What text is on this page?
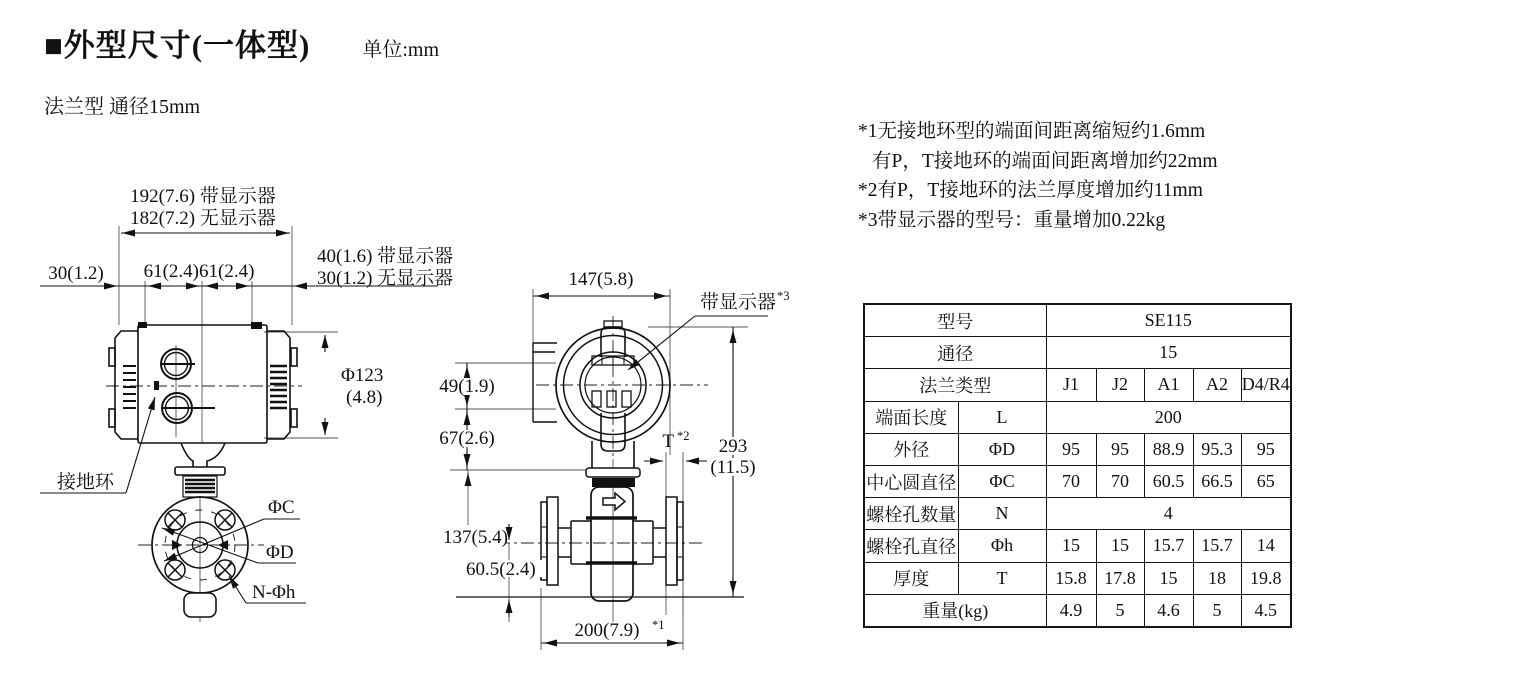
■外型尺寸(一体型)	单位:mm
法兰型 通径15mm
*1无接地环型的端面间距离缩短约1.6mm
有P，T接地环的端面间距离增加约22mm
*2有P，T接地环的法兰厚度增加约11mm
*3带显示器的型号：重量增加0.22kg
192(7.6) 带显示器
182(7.2) 无显示器
30(1.2) 61(2.4)61(2.4)
40(1.6) 带显示器
30(1.2) 无显示器
Φ123
(4.8)
接地环
ΦC
ΦD
N-Φh
147(5.8)
带显示器 *3
49(1.9)
67(2.6)	T *2 293
(11.5)
137(5.4)
60.5(2.4)
200(7.9) *1
型号		SE115				
通径		15				
法兰类型		J1	J2	A1	A2	D4/R4
端面长度	L	200				
外径	ΦD	95	95	88.9	95.3	95
中心圆直径	ΦC	70	70	60.5	66.5	65
螺栓孔数量	N	4				
螺栓孔直径	Φh	15	15	15.7	15.7	14
厚度	T	15.8	17.8	15	18	19.8
重量(kg)		4.9	5	4.6	5	4.5
